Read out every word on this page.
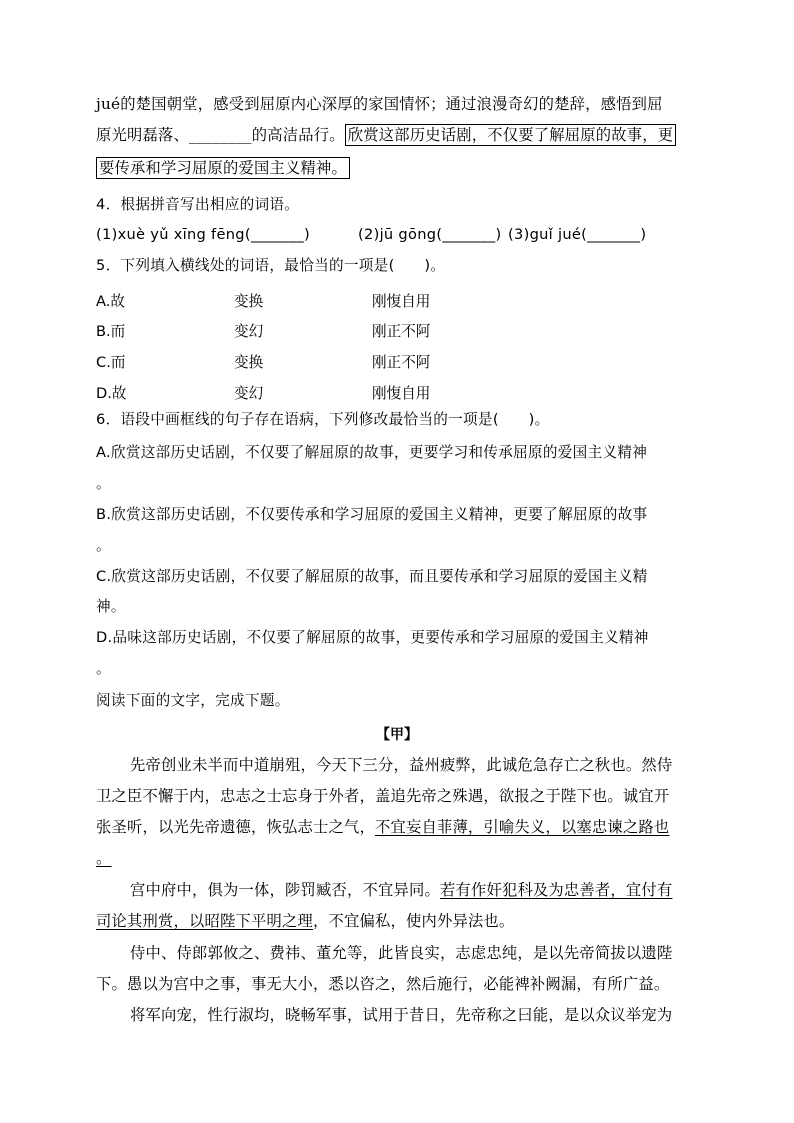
jué的楚国朝堂，感受到屈原内心深厚的家国情怀；通过浪漫奇幻的楚辞，感悟到屈
原光明磊落、________的高洁品行。 欣赏这部历史话剧，不仅要了解屈原的故事，更
要传承和学习屈原的爱国主义精神。
4．根据拼音写出相应的词语。
(1)xuè yǔ xīng fēng(_______)	(2)jū gōng(_______) (3)guǐ jué(_______)
5．下列填入横线处的词语，最恰当的一项是(　　)。
A.故	变换	刚愎自用
B.而	变幻	刚正不阿
C.而	变换	刚正不阿
D.故	变幻	刚愎自用
6．语段中画框线的句子存在语病，下列修改最恰当的一项是(　　)。
A.欣赏这部历史话剧，不仅要了解屈原的故事，更要学习和传承屈原的爱国主义精神
。
B.欣赏这部历史话剧，不仅要传承和学习屈原的爱国主义精神，更要了解屈原的故事
。
C.欣赏这部历史话剧，不仅要了解屈原的故事，而且要传承和学习屈原的爱国主义精
神。
D.品味这部历史话剧，不仅要了解屈原的故事，更要传承和学习屈原的爱国主义精神
。
阅读下面的文字，完成下题。
【甲】
先帝创业未半而中道崩殂，今天下三分，益州疲弊，此诚危急存亡之秋也。然侍
卫之臣不懈于内，忠志之士忘身于外者，盖追先帝之殊遇，欲报之于陛下也。诚宜开
张圣听，以光先帝遗德，恢弘志士之气，不宜妄自菲薄，引喻失义，以塞忠谏之路也
。
宫中府中，俱为一体，陟罚臧否，不宜异同。若有作奸犯科及为忠善者，宜付有
司论其刑赏，以昭陛下平明之理，不宜偏私，使内外异法也。
侍中、侍郎郭攸之、费祎、董允等，此皆良实，志虑忠纯，是以先帝简拔以遗陛
下。愚以为宫中之事，事无大小，悉以咨之，然后施行，必能裨补阙漏，有所广益。
将军向宠，性行淑均，晓畅军事，试用于昔日，先帝称之曰能，是以众议举宠为
